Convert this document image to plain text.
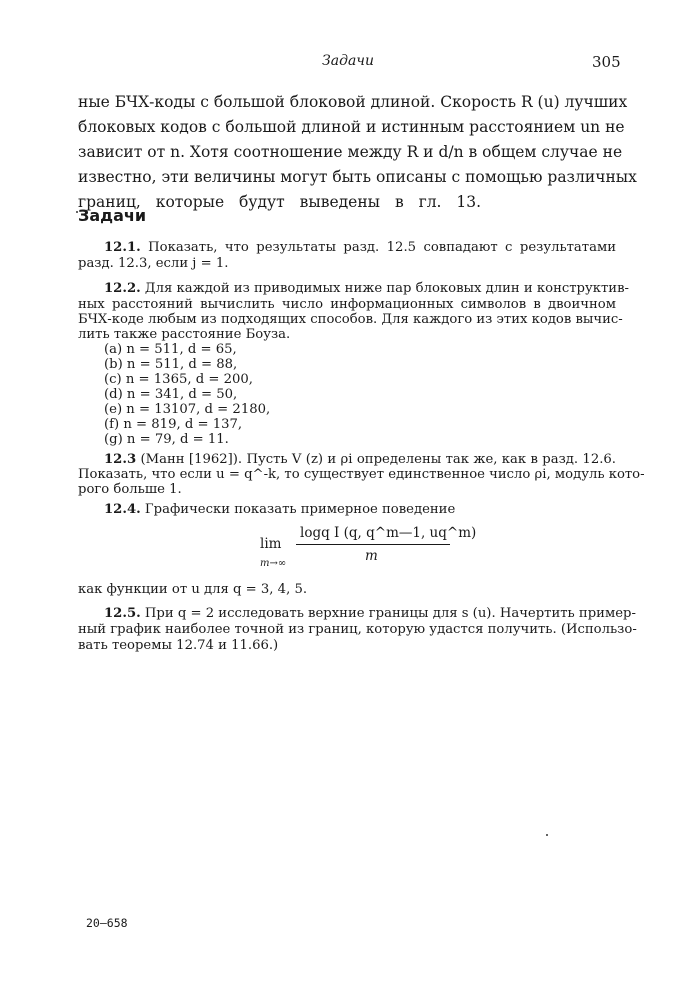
Задачи	305
ные БЧХ-коды с большой блоковой длиной. Скорость R (u) лучших
блоковых кодов с большой длиной и истинным расстоянием un не
зависит от n. Хотя соотношение между R и d/n в общем случае не
известно, эти величины могут быть описаны с помощью различных
границ, которые будут выведены в гл. 13.
Задачи
12.1. Показать, что результаты разд. 12.5 совпадают с результатами
разд. 12.3, если j = 1.
12.2. Для каждой из приводимых ниже пар блоковых длин и конструктив-
ных расстояний вычислить число информационных символов в двоичном
БЧХ-коде любым из подходящих способов. Для каждого из этих кодов вычис-
лить также расстояние Боуза.
(a) n = 511, d = 65,
(b) n = 511, d = 88,
(c) n = 1365, d = 200,
(d) n = 341, d = 50,
(e) n = 13107, d = 2180,
(f) n = 819, d = 137,
(g) n = 79, d = 11.
12.3 (Манн [1962]). Пусть V (z) и ρi определены так же, как в разд. 12.6.
Показать, что если u = q^-k, то существует единственное число ρi, модуль кото-
рого больше 1.
12.4. Графически показать примерное поведение
lim
m→∞
logq I (q, q^m—1, uq^m)
m
как функции от u для q = 3, 4, 5.
12.5. При q = 2 исследовать верхние границы для s (u). Начертить пример-
ный график наиболее точной из границ, которую удастся получить. (Использо-
вать теоремы 12.74 и 11.66.)
20—658
